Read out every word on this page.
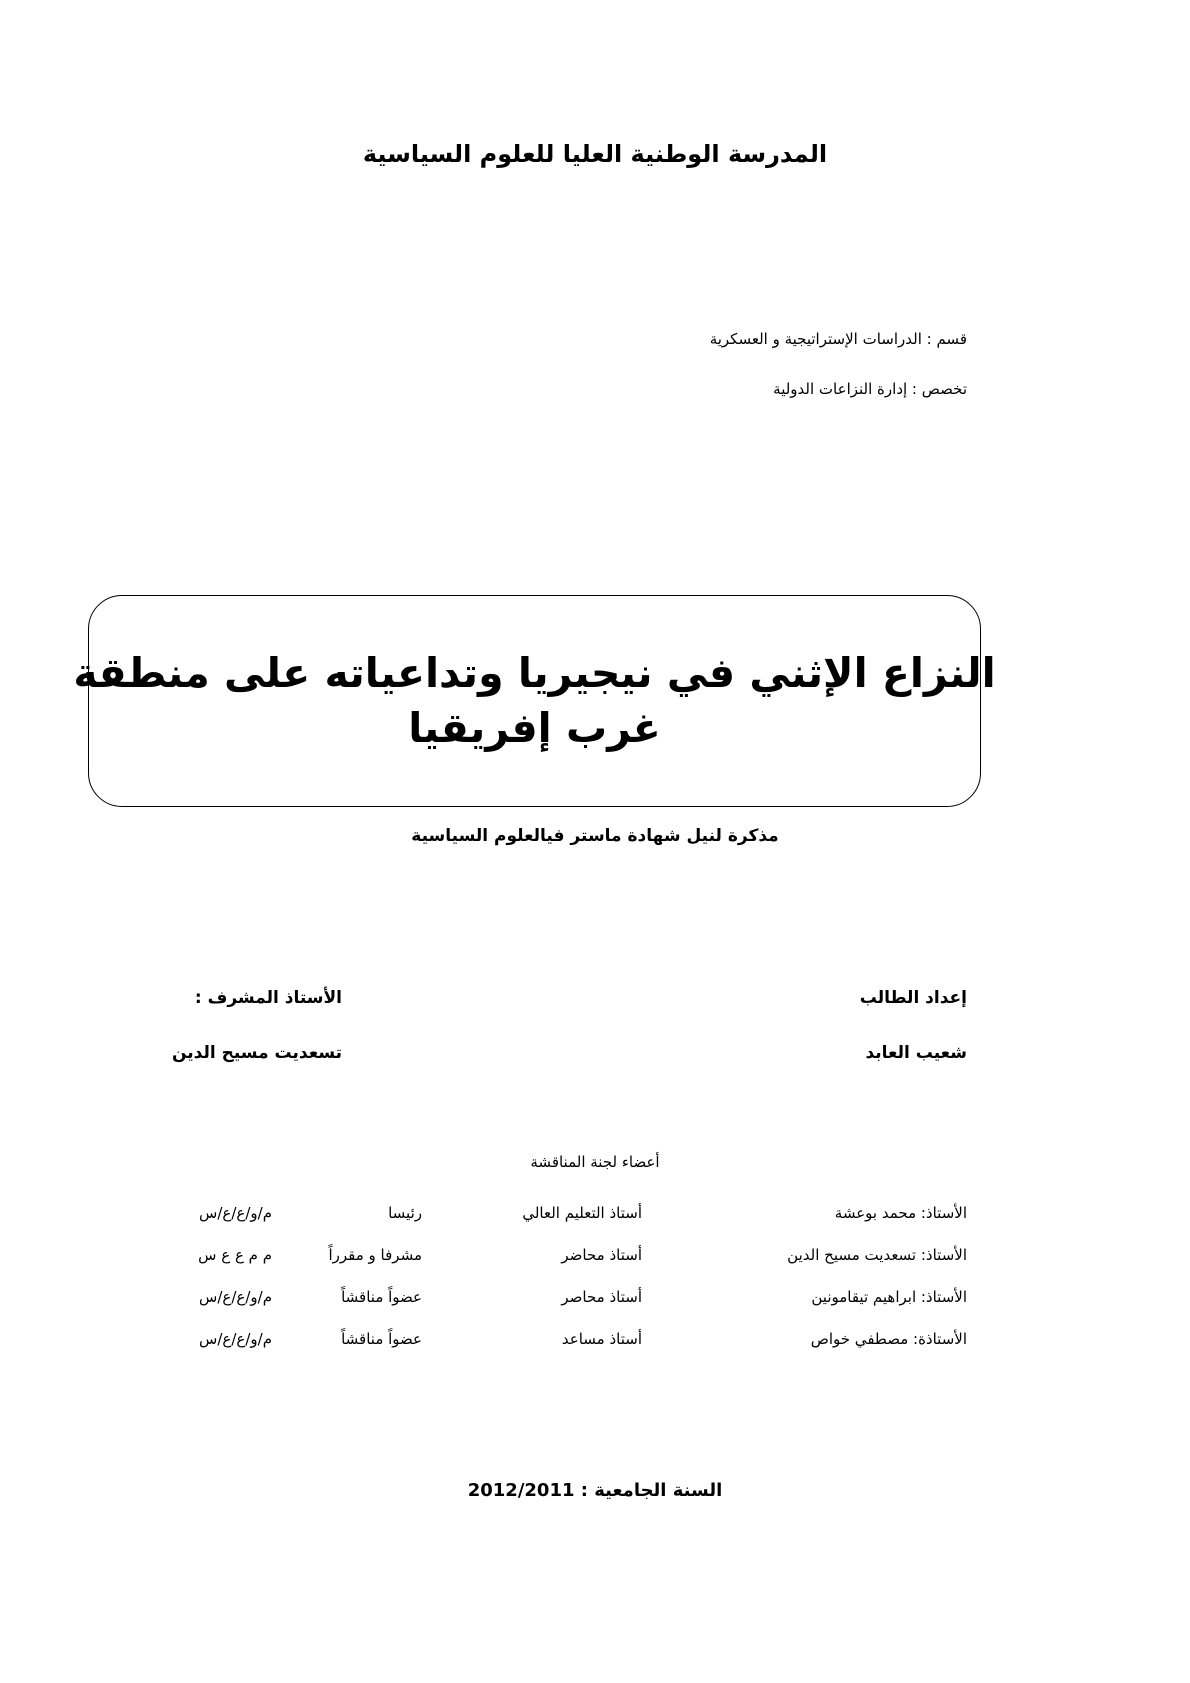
المدرسة الوطنية العليا للعلوم السياسية
قسم : الدراسات الإستراتيجية و العسكرية
تخصص : إدارة النزاعات الدولية
النزاع الإثني في نيجيريا وتداعياته على منطقة
غرب إفريقيا
مذكرة لنيل شهادة ماستر فيالعلوم السياسية
إعداد الطالب
شعيب العابد
الأستاذ المشرف :
تسعديت مسيح الدين
أعضاء لجنة المناقشة
الأستاذ: محمد بوعشة
أستاذ التعليم العالي
رئيسا
م/و/ع/ع/س
الأستاذ: تسعديت مسيح الدين
أستاذ محاضر
مشرفا و مقرراً
م م ع ع س
الأستاذ: ابراهيم تيقامونين
أستاذ محاصر
عضواً مناقشاً
م/و/ع/ع/س
الأستاذة: مصطفي خواص
أستاذ مساعد
عضواً مناقشاً
م/و/ع/ع/س
السنة الجامعية : 2012/2011
